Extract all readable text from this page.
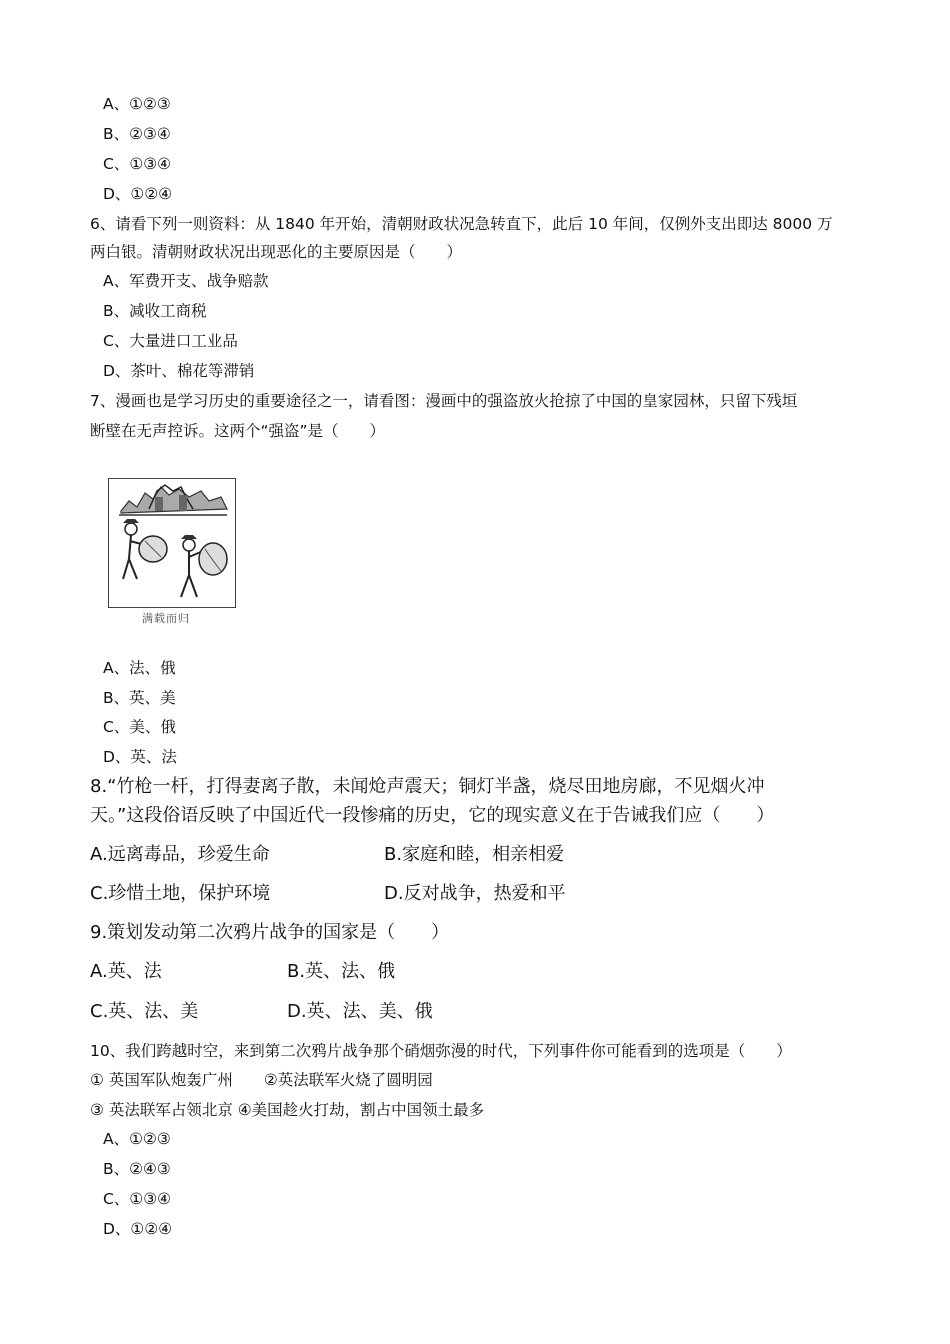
A、①②③
B、②③④
C、①③④
D、①②④
6、请看下列一则资料：从 1840 年开始，清朝财政状况急转直下，此后 10 年间，仅例外支出即达 8000 万
两白银。清朝财政状况出现恶化的主要原因是（　　）
A、军费开支、战争赔款
B、减收工商税
C、大量进口工业品
D、茶叶、棉花等滞销
7、漫画也是学习历史的重要途径之一，请看图：漫画中的强盗放火抢掠了中国的皇家园林，只留下残垣
断壁在无声控诉。这两个“强盗”是（　　）
满载而归
A、法、俄
B、英、美
C、美、俄
D、英、法
8.“竹枪一杆，打得妻离子散，未闻炝声震天；铜灯半盏，烧尽田地房廊，不见烟火冲
天。”这段俗语反映了中国近代一段惨痛的历史，它的现实意义在于告诫我们应（　　）
A.远离毒品，珍爱生命	B.家庭和睦，相亲相爱
C.珍惜土地，保护环境	D.反对战争，热爱和平
9.策划发动第二次鸦片战争的国家是（　　）
A.英、法	B.英、法、俄
C.英、法、美	D.英、法、美、俄
10、我们跨越时空，来到第二次鸦片战争那个硝烟弥漫的时代，下列事件你可能看到的选项是（　　）
① 英国军队炮轰广州　　②英法联军火烧了圆明园
③ 英法联军占领北京 ④美国趁火打劫，割占中国领土最多
A、①②③
B、②④③
C、①③④
D、①②④
